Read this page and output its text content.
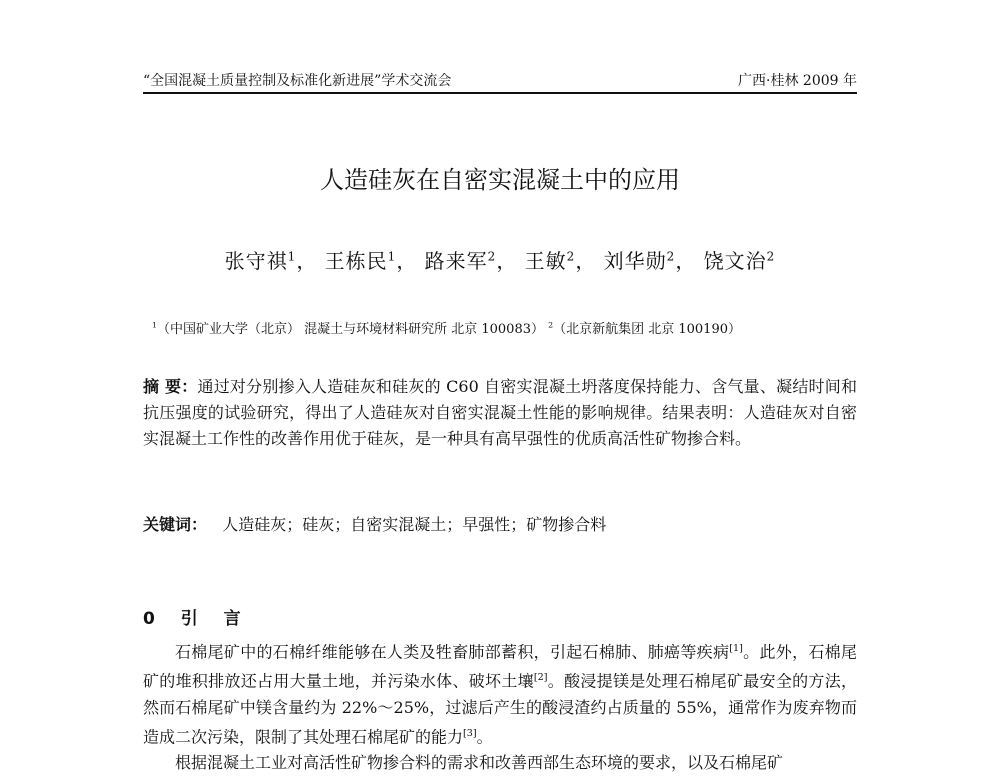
“全国混凝土质量控制及标准化新进展”学术交流会	广西·桂林 2009 年
人造硅灰在自密实混凝土中的应用
张守祺$^1$， 王栋民$^1$， 路来军$^2$， 王敏$^2$， 刘华勋$^2$， 饶文治$^2$
$^1$（中国矿业大学（北京） 混凝土与环境材料研究所 北京 100083） $^2$（北京新航集团 北京 100190）
摘 要：通过对分别掺入人造硅灰和硅灰的 C60 自密实混凝土坍落度保持能力、含气量、凝结时间和抗压强度的试验研究，得出了人造硅灰对自密实混凝土性能的影响规律。结果表明：人造硅灰对自密实混凝土工作性的改善作用优于硅灰，是一种具有高早强性的优质高活性矿物掺合料。
关键词： 人造硅灰；硅灰；自密实混凝土；早强性；矿物掺合料
0 引 言
石棉尾矿中的石棉纤维能够在人类及牲畜肺部蓄积，引起石棉肺、肺癌等疾病[1]。此外，石棉尾矿的堆积排放还占用大量土地，并污染水体、破坏土壤[2]。酸浸提镁是处理石棉尾矿最安全的方法，然而石棉尾矿中镁含量约为 22%～25%，过滤后产生的酸浸渣约占质量的 55%，通常作为废弃物而造成二次污染，限制了其处理石棉尾矿的能力[3]。
根据混凝土工业对高活性矿物掺合料的需求和改善西部生态环境的要求，以及石棉尾矿
